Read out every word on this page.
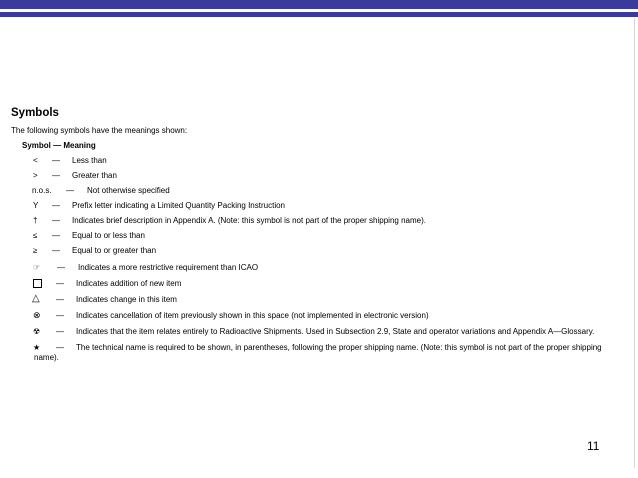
Symbols
The following symbols have the meanings shown:
Symbol — Meaning
< — Less than
> — Greater than
n.o.s. — Not otherwise specified
Y — Prefix letter indicating a Limited Quantity Packing Instruction
† — Indicates brief description in Appendix A. (Note: this symbol is not part of the proper shipping name).
≤ — Equal to or less than
≥ — Equal to or greater than
☞ — Indicates a more restrictive requirement than ICAO
— Indicates addition of new item
△ — Indicates change in this item
⊗ — Indicates cancellation of item previously shown in this space (not implemented in electronic version)
☢ — Indicates that the item relates entirely to Radioactive Shipments. Used in Subsection 2.9, State and operator variations and Appendix A—Glossary.
★ — The technical name is required to be shown, in parentheses, following the proper shipping name. (Note: this symbol is not part of the proper shipping
name).
11
